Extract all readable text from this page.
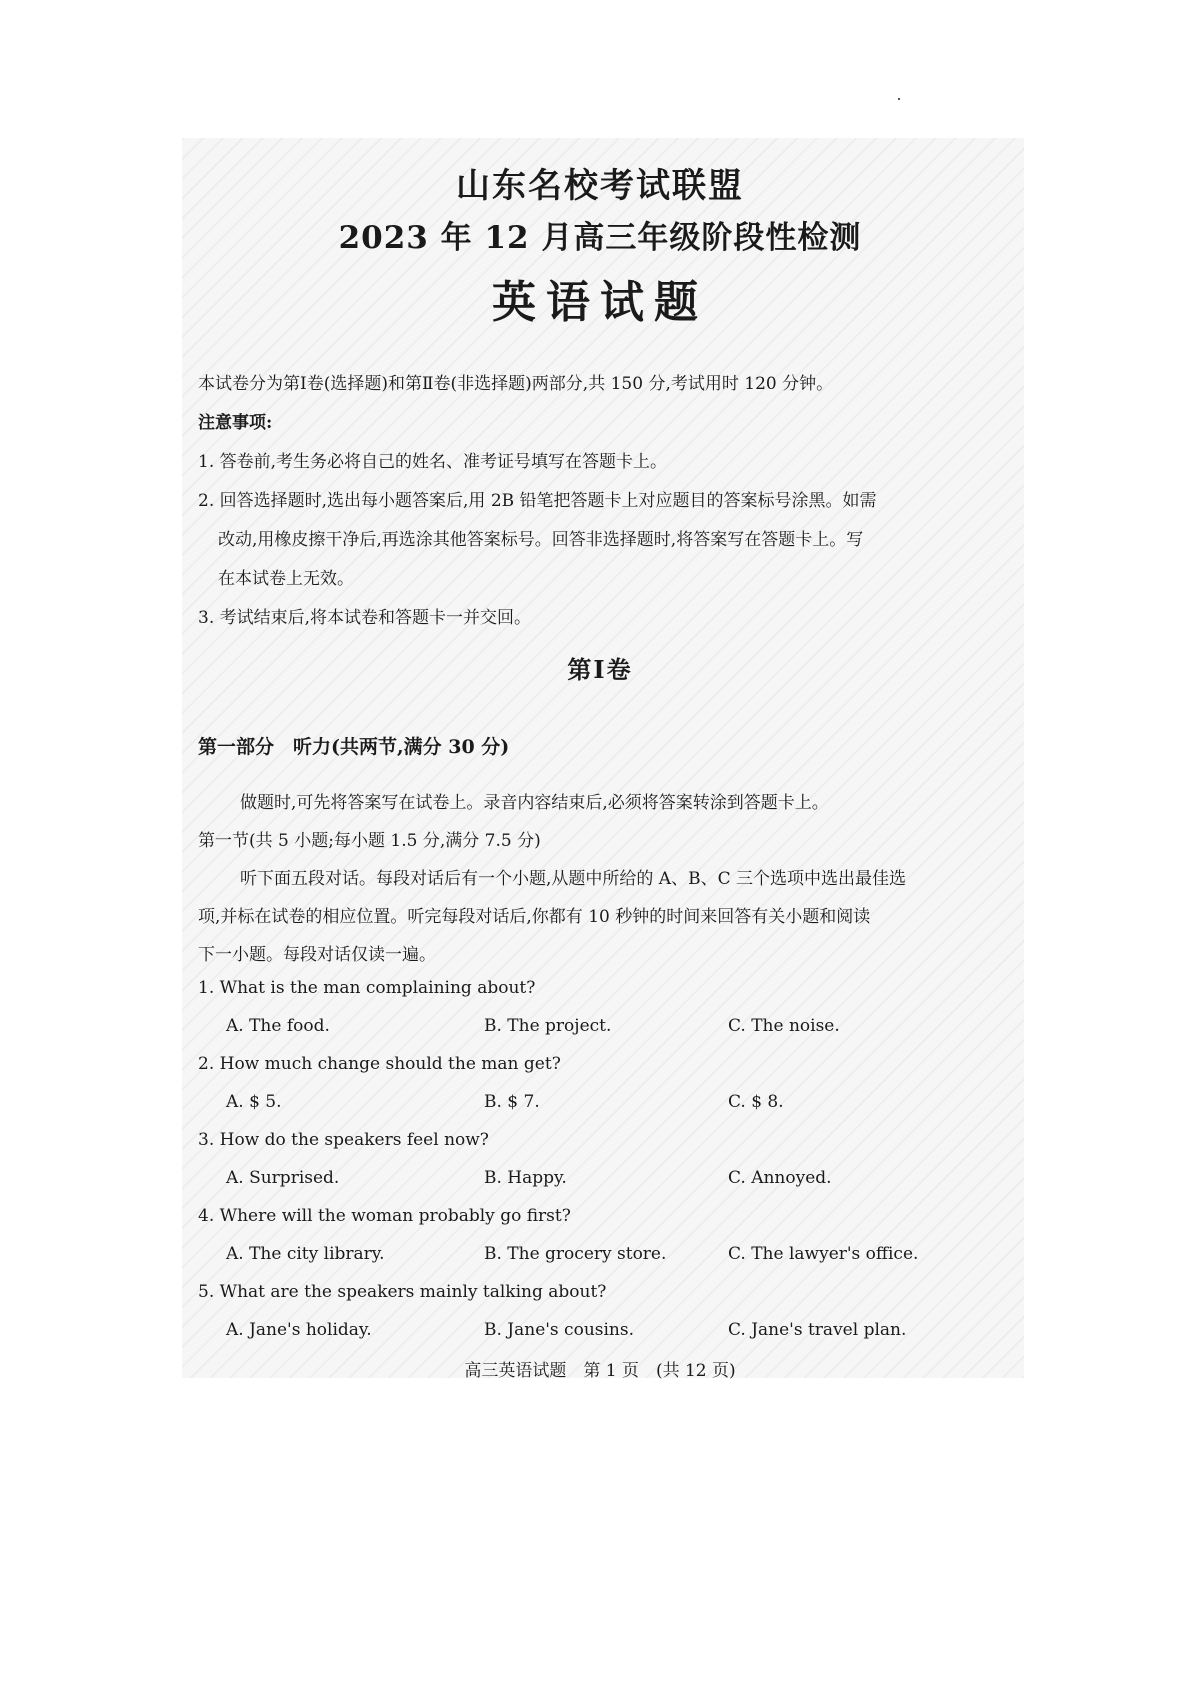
山东名校考试联盟
2023 年 12 月高三年级阶段性检测
英语试题
本试卷分为第Ⅰ卷(选择题)和第Ⅱ卷(非选择题)两部分,共 150 分,考试用时 120 分钟。
注意事项:
1. 答卷前,考生务必将自己的姓名、准考证号填写在答题卡上。
2. 回答选择题时,选出每小题答案后,用 2B 铅笔把答题卡上对应题目的答案标号涂黑。如需
改动,用橡皮擦干净后,再选涂其他答案标号。回答非选择题时,将答案写在答题卡上。写
在本试卷上无效。
3. 考试结束后,将本试卷和答题卡一并交回。
第Ⅰ卷
第一部分　听力(共两节,满分 30 分)
做题时,可先将答案写在试卷上。录音内容结束后,必须将答案转涂到答题卡上。
第一节(共 5 小题;每小题 1.5 分,满分 7.5 分)
听下面五段对话。每段对话后有一个小题,从题中所给的 A、B、C 三个选项中选出最佳选
项,并标在试卷的相应位置。听完每段对话后,你都有 10 秒钟的时间来回答有关小题和阅读
下一小题。每段对话仅读一遍。
1. What is the man complaining about?
A. The food.	B. The project.	C. The noise.
2. How much change should the man get?
A. $ 5.	B. $ 7.	C. $ 8.
3. How do the speakers feel now?
A. Surprised.	B. Happy.	C. Annoyed.
4. Where will the woman probably go first?
A. The city library.	B. The grocery store.	C. The lawyer's office.
5. What are the speakers mainly talking about?
A. Jane's holiday.	B. Jane's cousins.	C. Jane's travel plan.
高三英语试题　第 1 页　(共 12 页)
